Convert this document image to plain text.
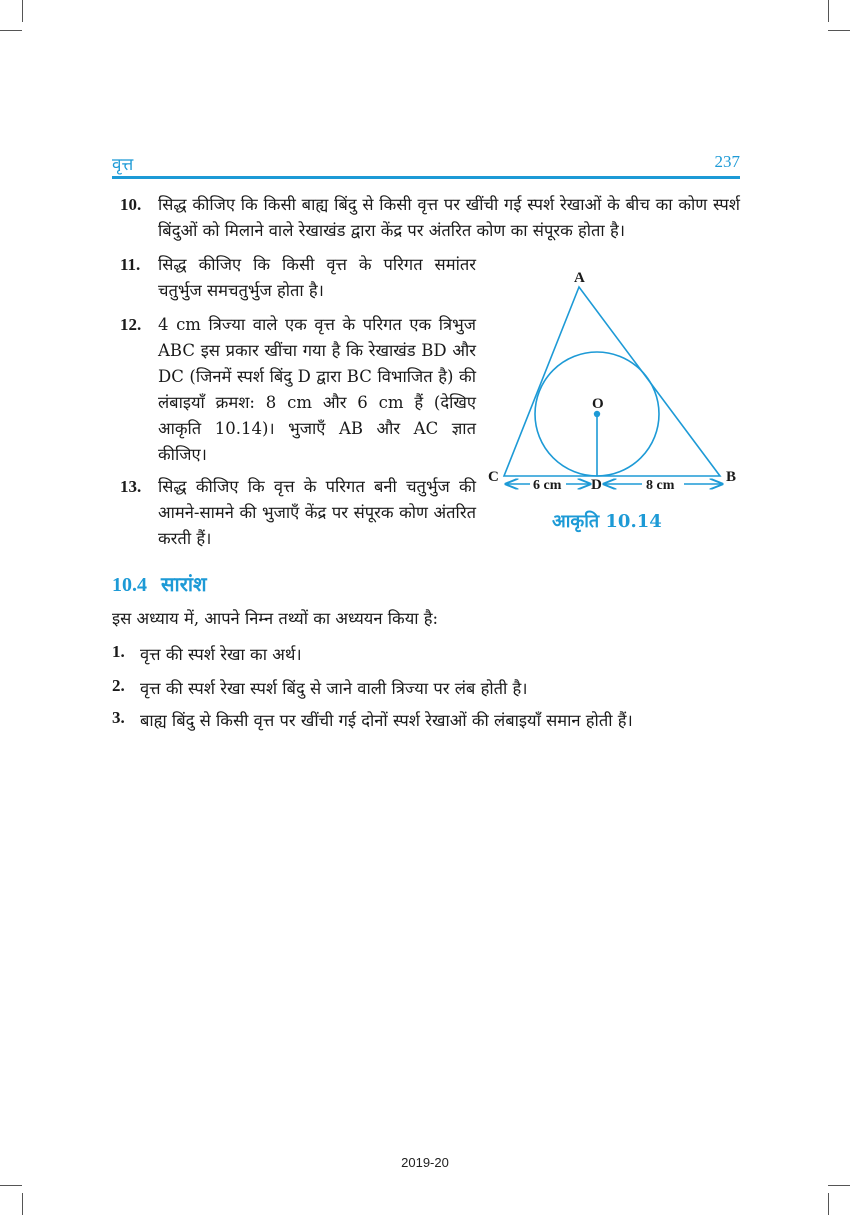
वृत्त	237
10. सिद्ध कीजिए कि किसी बाह्य बिंदु से किसी वृत्त पर खींची गई स्पर्श रेखाओं के बीच का कोण स्पर्श बिंदुओं को मिलाने वाले रेखाखंड द्वारा केंद्र पर अंतरित कोण का संपूरक होता है।
11. सिद्ध कीजिए कि किसी वृत्त के परिगत समांतर चतुर्भुज समचतुर्भुज होता है।
12. 4 cm त्रिज्या वाले एक वृत्त के परिगत एक त्रिभुज ABC इस प्रकार खींचा गया है कि रेखाखंड BD और DC (जिनमें स्पर्श बिंदु D द्वारा BC विभाजित है) की लंबाइयाँ क्रमश: 8 cm और 6 cm हैं (देखिए आकृति 10.14)। भुजाएँ AB और AC ज्ञात कीजिए।
13. सिद्ध कीजिए कि वृत्त के परिगत बनी चतुर्भुज की आमने-सामने की भुजाएँ केंद्र पर संपूरक कोण अंतरित करती हैं।
A
O
C	B
D
6 cm	8 cm
आकृति 10.14
10.4 सारांश
इस अध्याय में, आपने निम्न तथ्यों का अध्ययन किया है:
1. वृत्त की स्पर्श रेखा का अर्थ।
2. वृत्त की स्पर्श रेखा स्पर्श बिंदु से जाने वाली त्रिज्या पर लंब होती है।
3. बाह्य बिंदु से किसी वृत्त पर खींची गई दोनों स्पर्श रेखाओं की लंबाइयाँ समान होती हैं।
2019-20
